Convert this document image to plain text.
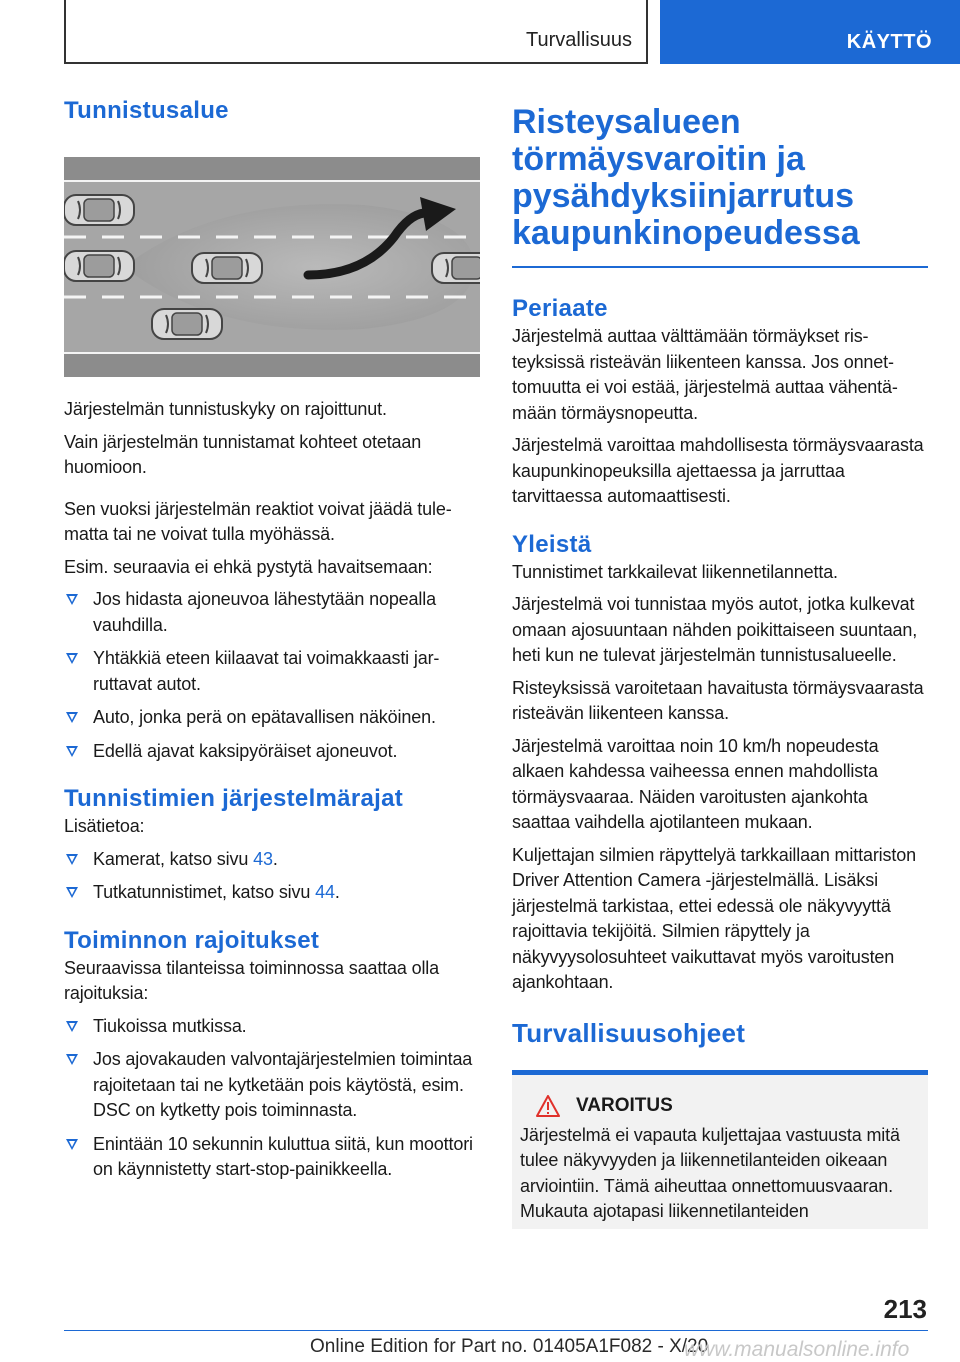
Turvallisuus	KÄYTTÖ
Tunnistusalue

Järjestelmän tunnistuskyky on rajoittunut.

Vain järjestelmän tunnistamat kohteet otetaan huomioon.

Sen vuoksi järjestelmän reaktiot voivat jäädä tulematta tai ne voivat tulla myöhässä.

Esim. seuraavia ei ehkä pystytä havaitsemaan:

Jos hidasta ajoneuvoa lähestytään nopealla vauhdilla.
Yhtäkkiä eteen kiilaavat tai voimakkaasti jarruttavat autot.
Auto, jonka perä on epätavallisen näköinen.
Edellä ajavat kaksipyöräiset ajoneuvot.
Tunnistimien järjestelmärajat

Lisätietoa:

Kamerat, katso sivu 43.
Tutkatunnistimet, katso sivu 44.
Toiminnon rajoitukset

Seuraavissa tilanteissa toiminnossa saattaa olla rajoituksia:

Tiukoissa mutkissa.
Jos ajovakauden valvontajärjestelmien toimintaa rajoitetaan tai ne kytketään pois käytöstä, esim. DSC on kytketty pois toiminnasta.
Enintään 10 sekunnin kuluttua siitä, kun moottori on käynnistetty start-stop-painikkeella.
Risteysalueen törmäysvaroitin ja pysähdyksiinjarrutus kaupunkinopeudessa
Periaate

Järjestelmä auttaa välttämään törmäykset risteyksissä risteävän liikenteen kanssa. Jos onnettomuutta ei voi estää, järjestelmä auttaa vähentämään törmäysnopeutta.

Järjestelmä varoittaa mahdollisesta törmäysvaarasta kaupunkinopeuksilla ajettaessa ja jarruttaa tarvittaessa automaattisesti.

Yleistä

Tunnistimet tarkkailevat liikennetilannetta.

Järjestelmä voi tunnistaa myös autot, jotka kulkevat omaan ajosuuntaan nähden poikittaiseen suuntaan, heti kun ne tulevat järjestelmän tunnistusalueelle.

Risteyksissä varoitetaan havaitusta törmäysvaarasta risteävän liikenteen kanssa.

Järjestelmä varoittaa noin 10 km/h nopeudesta alkaen kahdessa vaiheessa ennen mahdollista törmäysvaaraa. Näiden varoitusten ajankohta saattaa vaihdella ajotilanteen mukaan.

Kuljettajan silmien räpyttelyä tarkkaillaan mittariston Driver Attention Camera -järjestelmällä. Lisäksi järjestelmä tarkistaa, ettei edessä ole näkyvyyttä rajoittavia tekijöitä. Silmien räpyttely ja näkyvyysolosuhteet vaikuttavat myös varoitusten ajankohtaan.

Turvallisuusohjeet
VAROITUS

Järjestelmä ei vapauta kuljettajaa vastuusta mitä tulee näkyvyyden ja liikennetilanteiden oikeaan arviointiin. Tämä aiheuttaa onnettomuusvaaran. Mukauta ajotapasi liikennetilanteiden

213
Online Edition for Part no. 01405A1F082 - X/20
www.manualsonline.info
